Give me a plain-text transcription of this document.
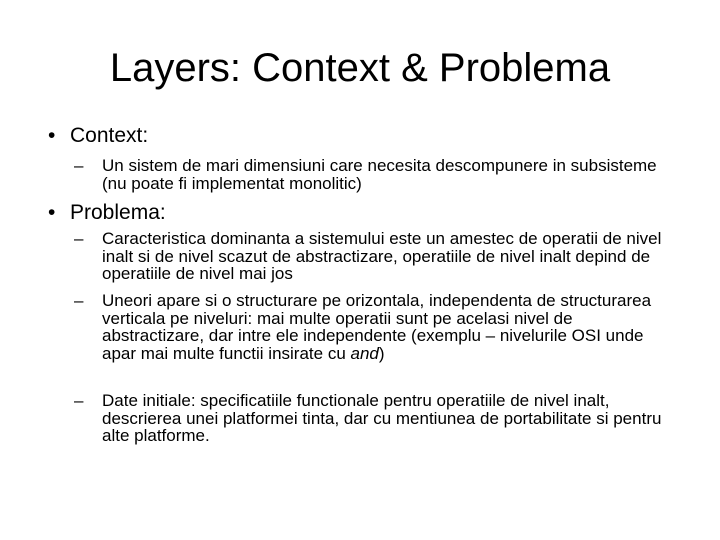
Layers: Context & Problema
• Context:
–	Un sistem de mari dimensiuni care necesita descompunere in subsisteme (nu poate fi implementat monolitic)
• Problema:
–	Caracteristica dominanta a sistemului este un amestec de operatii de nivel inalt si de nivel scazut de abstractizare, operatiile de nivel inalt depind de operatiile de nivel mai jos
–	Uneori apare si o structurare pe orizontala, independenta de structurarea verticala pe niveluri: mai multe operatii sunt pe acelasi nivel de abstractizare, dar intre ele independente (exemplu – nivelurile OSI unde apar mai multe functii insirate cu and)
–	Date initiale: specificatiile functionale pentru operatiile de nivel inalt, descrierea unei platformei tinta, dar cu mentiunea de portabilitate si pentru alte platforme.
